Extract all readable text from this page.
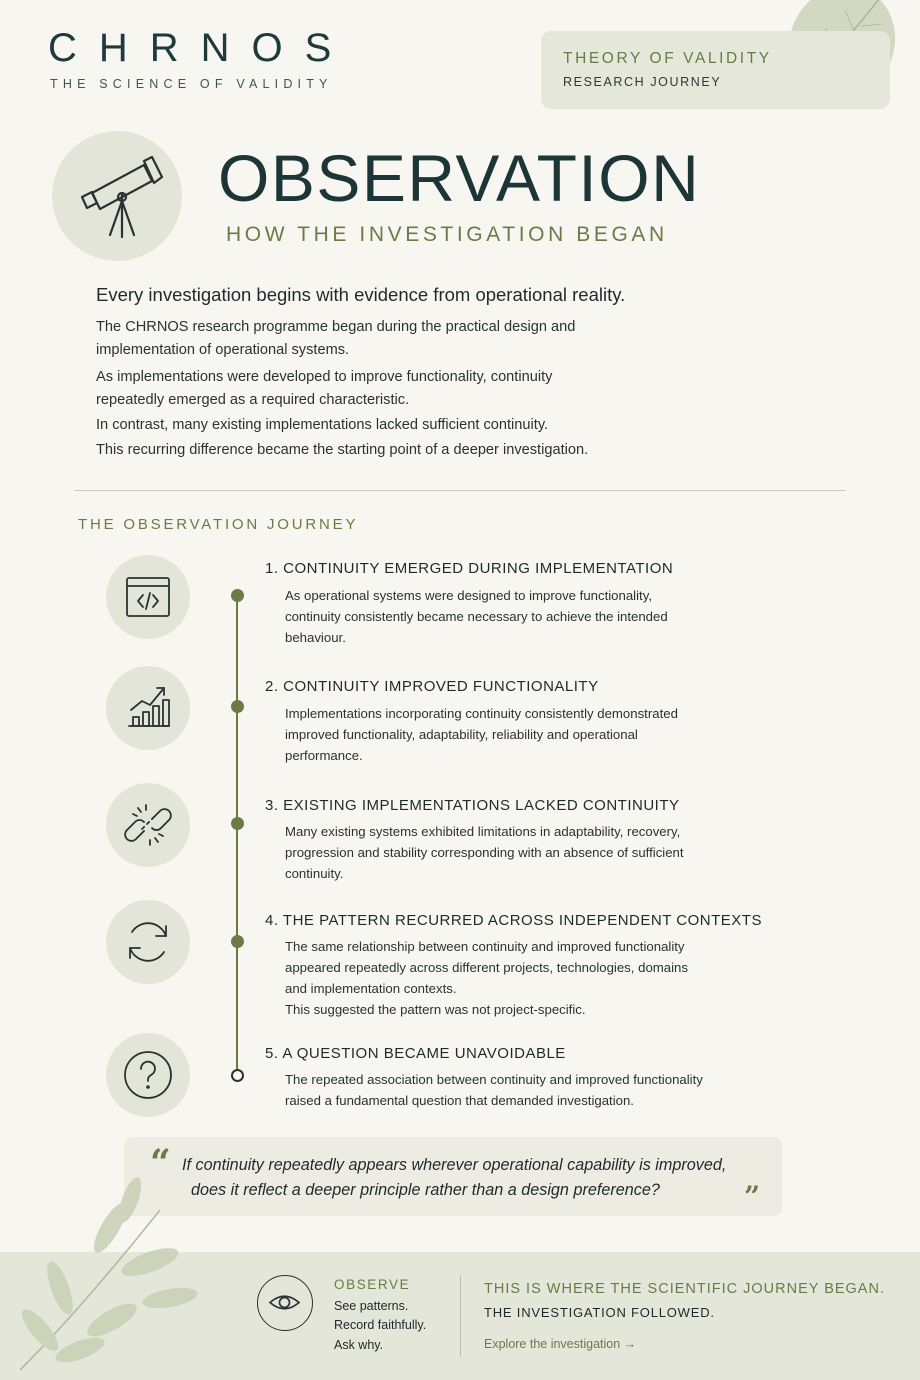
CHRNOS
THE SCIENCE OF VALIDITY
THEORY OF VALIDITY
RESEARCH JOURNEY
OBSERVATION
HOW THE INVESTIGATION BEGAN
Every investigation begins with evidence from operational reality.
The CHRNOS research programme began during the practical design and
implementation of operational systems.
As implementations were developed to improve functionality, continuity
repeatedly emerged as a required characteristic.
In contrast, many existing implementations lacked sufficient continuity.
This recurring difference became the starting point of a deeper investigation.
THE OBSERVATION JOURNEY
1. CONTINUITY EMERGED DURING IMPLEMENTATION
As operational systems were designed to improve functionality,
continuity consistently became necessary to achieve the intended
behaviour.
2. CONTINUITY IMPROVED FUNCTIONALITY
Implementations incorporating continuity consistently demonstrated
improved functionality, adaptability, reliability and operational
performance.
3. EXISTING IMPLEMENTATIONS LACKED CONTINUITY
Many existing systems exhibited limitations in adaptability, recovery,
progression and stability corresponding with an absence of sufficient
continuity.
4. THE PATTERN RECURRED ACROSS INDEPENDENT CONTEXTS
The same relationship between continuity and improved functionality
appeared repeatedly across different projects, technologies, domains
and implementation contexts.
This suggested the pattern was not project-specific.
5. A QUESTION BECAME UNAVOIDABLE
The repeated association between continuity and improved functionality
raised a fundamental question that demanded investigation.
“ If continuity repeatedly appears wherever operational capability is improved,
does it reflect a deeper principle rather than a design preference?	”
OBSERVE
See patterns.
Record faithfully.
Ask why.
THIS IS WHERE THE SCIENTIFIC JOURNEY BEGAN.
THE INVESTIGATION FOLLOWED.
Explore the investigation →
